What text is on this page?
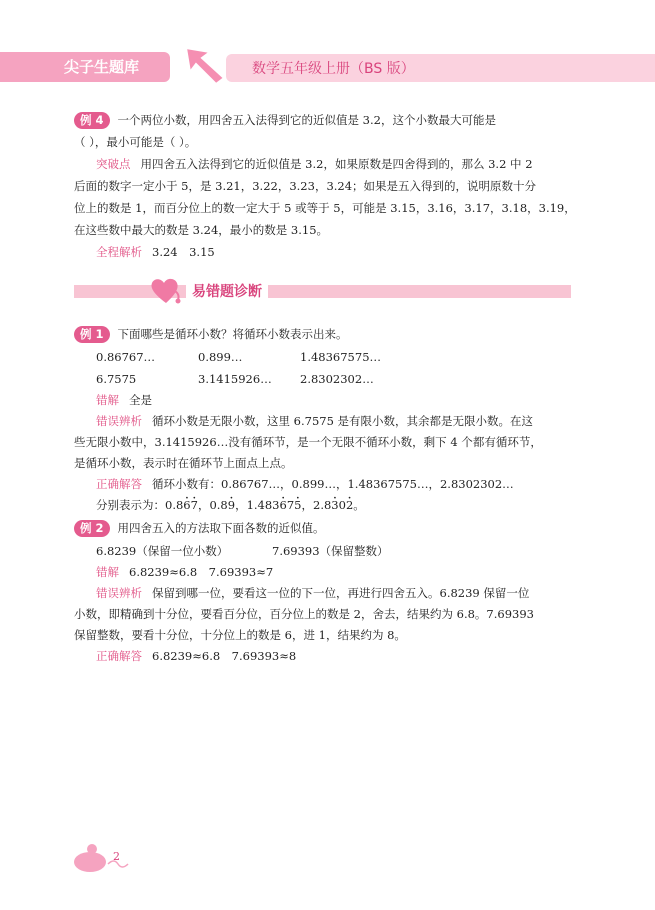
尖子生题库	数学五年级上册（BS 版）
例 4 一个两位小数，用四舍五入法得到它的近似值是 3.2，这个小数最大可能是
（ ），最小可能是（ ）。
突破点 用四舍五入法得到它的近似值是 3.2，如果原数是四舍得到的，那么 3.2 中 2
后面的数字一定小于 5，是 3.21，3.22，3.23，3.24；如果是五入得到的，说明原数十分
位上的数是 1，而百分位上的数一定大于 5 或等于 5，可能是 3.15，3.16，3.17，3.18，3.19，
在这些数中最大的数是 3.24，最小的数是 3.15。
全程解析 3.24　3.15
易错题诊断
例 1 下面哪些是循环小数？将循环小数表示出来。
0.86767…	0.899…	1.48367575…
6.7575	3.1415926… 2.8302302…
错解 全是
错误辨析 循环小数是无限小数，这里 6.7575 是有限小数，其余都是无限小数。在这
些无限小数中，3.1415926…没有循环节，是一个无限不循环小数，剩下 4 个都有循环节，
是循环小数，表示时在循环节上面点上点。
正确解答 循环小数有：0.86767…，0.899…，1.48367575…，2.8302302…
分别表示为：0.8· 6· 7，0.8· 9，1.483· 67· 5，2.8· 30· 2。
例 2 用四舍五入的方法取下面各数的近似值。
6.8239（保留一位小数）	7.69393（保留整数）
错解 6.8239≈6.8　7.69393≈7
错误辨析 保留到哪一位，要看这一位的下一位，再进行四舍五入。6.8239 保留一位
小数，即精确到十分位，要看百分位，百分位上的数是 2，舍去，结果约为 6.8。7.69393
保留整数，要看十分位，十分位上的数是 6，进 1，结果约为 8。
正确解答 6.8239≈6.8　7.69393≈8
2
